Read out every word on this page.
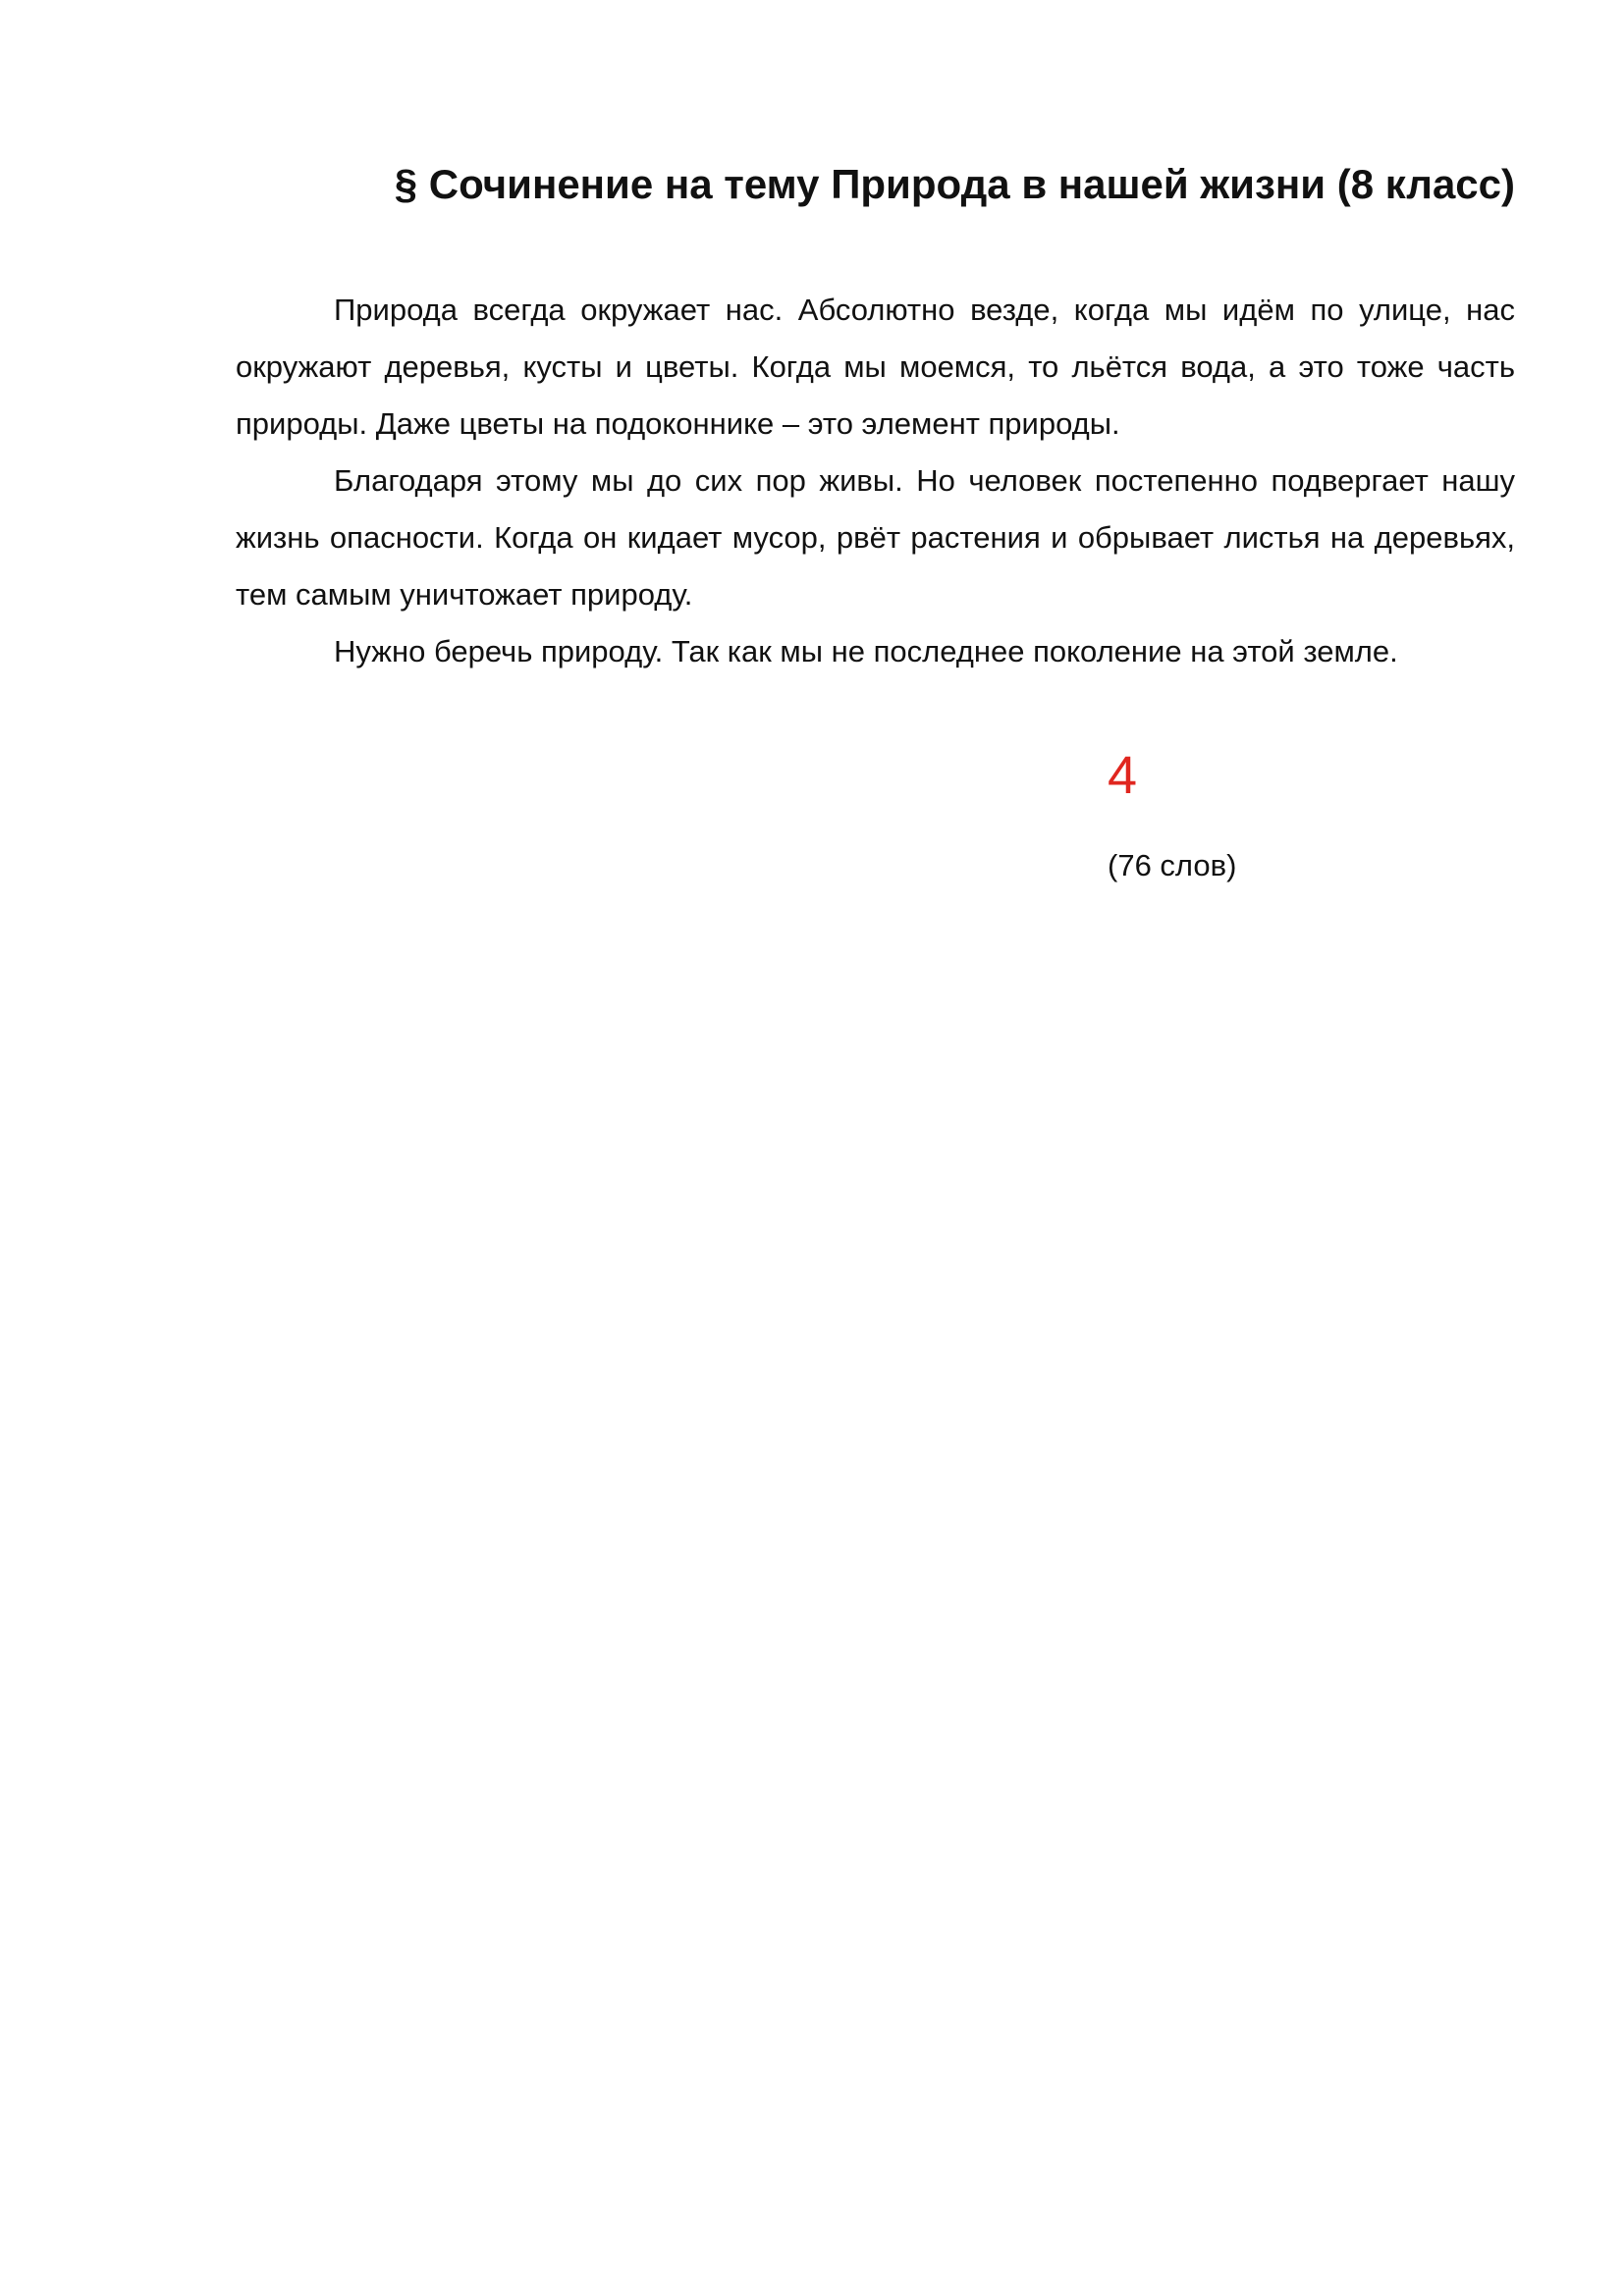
§ Сочинение на тему Природа в нашей жизни (8 класс)

Природа всегда окружает нас. Абсолютно везде, когда мы идём по улице, нас окружают деревья, кусты и цветы. Когда мы моемся, то льётся вода, а это тоже часть природы. Даже цветы на подоконнике – это элемент природы.

Благодаря этому мы до сих пор живы. Но человек постепенно подвергает нашу жизнь опасности. Когда он кидает мусор, рвёт растения и обрывает листья на деревьях, тем самым уничтожает природу.

Нужно беречь природу. Так как мы не последнее поколение на этой земле.

4
(76 слов)
